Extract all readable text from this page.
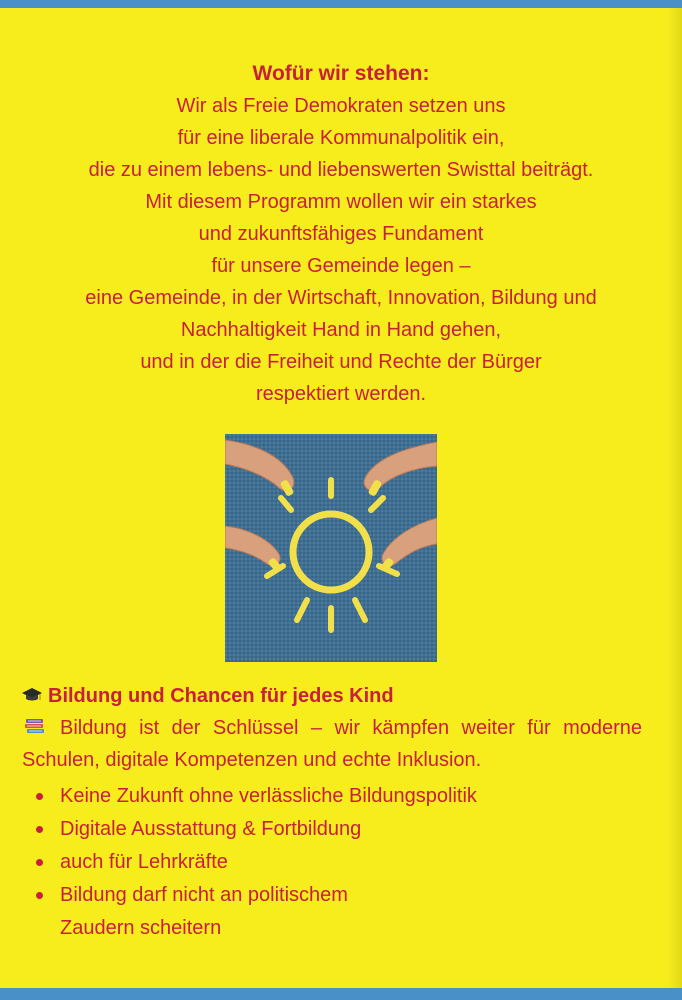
Wofür wir stehen:

Wir als Freie Demokraten setzen uns

für eine liberale Kommunalpolitik ein,

die zu einem lebens- und liebenswerten Swisttal beiträgt.

Mit diesem Programm wollen wir ein starkes

und zukunftsfähiges Fundament

für unsere Gemeinde legen –

eine Gemeinde, in der Wirtschaft, Innovation, Bildung und

Nachhaltigkeit Hand in Hand gehen,

und in der die Freiheit und Rechte der Bürger

respektiert werden.

Bildung und Chancen für jedes Kind

Bildung ist der Schlüssel – wir kämpfen weiter für moderne Schulen, digitale Kompetenzen und echte Inklusion.

Keine Zukunft ohne verlässliche Bildungspolitik
Digitale Ausstattung & Fortbildung
auch für Lehrkräfte
Bildung darf nicht an politischem Zaudern scheitern
